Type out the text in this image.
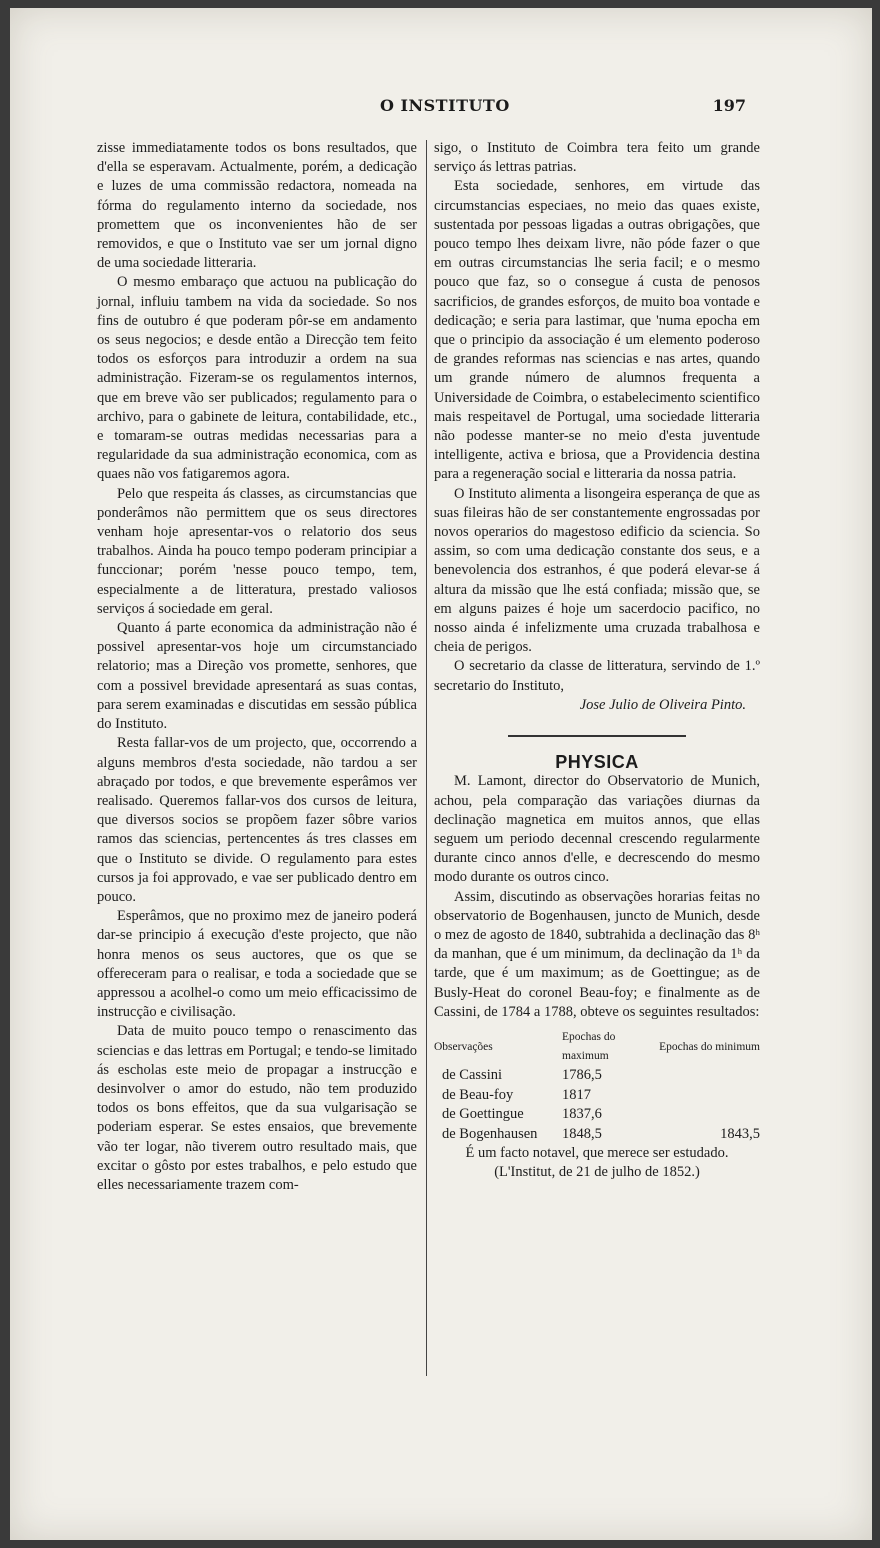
O INSTITUTO	197

zisse immediatamente todos os bons resultados, que d'ella se esperavam. Actualmente, porém, a dedicação e luzes de uma commissão redactora, nomeada na fórma do regulamento interno da sociedade, nos promettem que os inconvenientes hão de ser removidos, e que o Instituto vae ser um jornal digno de uma sociedade litteraria.

O mesmo embaraço que actuou na publicação do jornal, influiu tambem na vida da sociedade. So nos fins de outubro é que poderam pôr-se em andamento os seus negocios; e desde então a Direcção tem feito todos os esforços para introduzir a ordem na sua administração. Fizeram-se os regulamentos internos, que em breve vão ser publicados; regulamento para o archivo, para o gabinete de leitura, contabilidade, etc., e tomaram-se outras medidas necessarias para a regularidade da sua administração economica, com as quaes não vos fatigaremos agora.

Pelo que respeita ás classes, as circumstancias que ponderâmos não permittem que os seus directores venham hoje apresentar-vos o relatorio dos seus trabalhos. Ainda ha pouco tempo poderam principiar a funccionar; porém 'nesse pouco tempo, tem, especialmente a de litteratura, prestado valiosos serviços á sociedade em geral.

Quanto á parte economica da administração não é possivel apresentar-vos hoje um circumstanciado relatorio; mas a Direção vos promette, senhores, que com a possivel brevidade apresentará as suas contas, para serem examinadas e discutidas em sessão pública do Instituto.

Resta fallar-vos de um projecto, que, occorrendo a alguns membros d'esta sociedade, não tardou a ser abraçado por todos, e que brevemente esperâmos ver realisado. Queremos fallar-vos dos cursos de leitura, que diversos socios se propõem fazer sôbre varios ramos das sciencias, pertencentes ás tres classes em que o Instituto se divide. O regulamento para estes cursos ja foi approvado, e vae ser publicado dentro em pouco.

Esperâmos, que no proximo mez de janeiro poderá dar-se principio á execução d'este projecto, que não honra menos os seus auctores, que os que se offereceram para o realisar, e toda a sociedade que se appressou a acolhel-o como um meio efficacissimo de instrucção e civilisação.

Data de muito pouco tempo o renascimento das sciencias e das lettras em Portugal; e tendo-se limitado ás escholas este meio de propagar a instrucção e desinvolver o amor do estudo, não tem produzido todos os bons effeitos, que da sua vulgarisação se poderiam esperar. Se estes ensaios, que brevemente vão ter logar, não tiverem outro resultado mais, que excitar o gôsto por estes trabalhos, e pelo estudo que elles necessariamente trazem com-

sigo, o Instituto de Coimbra tera feito um grande serviço ás lettras patrias.

Esta sociedade, senhores, em virtude das circumstancias especiaes, no meio das quaes existe, sustentada por pessoas ligadas a outras obrigações, que pouco tempo lhes deixam livre, não póde fazer o que em outras circumstancias lhe seria facil; e o mesmo pouco que faz, so o consegue á custa de penosos sacrificios, de grandes esforços, de muito boa vontade e dedicação; e seria para lastimar, que 'numa epocha em que o principio da associação é um elemento poderoso de grandes reformas nas sciencias e nas artes, quando um grande número de alumnos frequenta a Universidade de Coimbra, o estabelecimento scientifico mais respeitavel de Portugal, uma sociedade litteraria não podesse manter-se no meio d'esta juventude intelligente, activa e briosa, que a Providencia destina para a regeneração social e litteraria da nossa patria.

O Instituto alimenta a lisongeira esperança de que as suas fileiras hão de ser constantemente engrossadas por novos operarios do magestoso edificio da sciencia. So assim, so com uma dedicação constante dos seus, e a benevolencia dos estranhos, é que poderá elevar-se á altura da missão que lhe está confiada; missão que, se em alguns paizes é hoje um sacerdocio pacifico, no nosso ainda é infelizmente uma cruzada trabalhosa e cheia de perigos.

O secretario da classe de litteratura, servindo de 1.º secretario do Instituto,

Jose Julio de Oliveira Pinto.

PHYSICA

M. Lamont, director do Observatorio de Munich, achou, pela comparação das variações diurnas da declinação magnetica em muitos annos, que ellas seguem um periodo decennal crescendo regularmente durante cinco annos d'elle, e decrescendo do mesmo modo durante os outros cinco.

Assim, discutindo as observações horarias feitas no observatorio de Bogenhausen, juncto de Munich, desde o mez de agosto de 1840, subtrahida a declinação das 8ʰ da manhan, que é um minimum, da declinação da 1ʰ da tarde, que é um maximum; as de Goettingue; as de Busly-Heat do coronel Beau-foy; e finalmente as de Cassini, de 1784 a 1788, obteve os seguintes resultados:

Observações	Epochas do maximum	Epochas do minimum
de Cassini	1786,5	
de Beau-foy	1817	
de Goettingue	1837,6	
de Bogenhausen	1848,5	1843,5

É um facto notavel, que merece ser estudado.

(L'Institut, de 21 de julho de 1852.)
